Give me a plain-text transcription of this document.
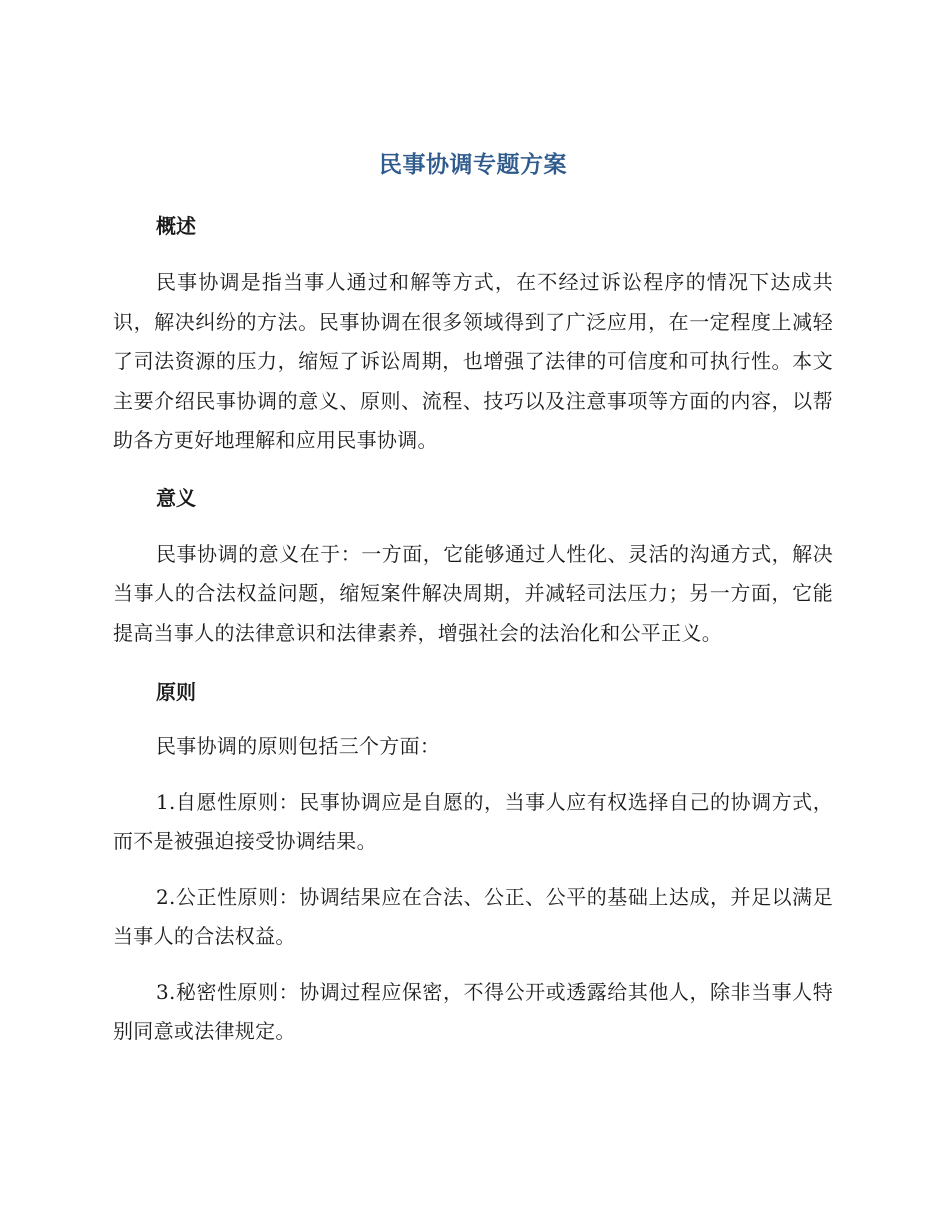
民事协调专题方案
概述

民事协调是指当事人通过和解等方式，在不经过诉讼程序的情况下达成共识，解决纠纷的方法。民事协调在很多领域得到了广泛应用，在一定程度上减轻了司法资源的压力，缩短了诉讼周期，也增强了法律的可信度和可执行性。本文主要介绍民事协调的意义、原则、流程、技巧以及注意事项等方面的内容，以帮助各方更好地理解和应用民事协调。

意义

民事协调的意义在于：一方面，它能够通过人性化、灵活的沟通方式，解决当事人的合法权益问题，缩短案件解决周期，并减轻司法压力；另一方面，它能提高当事人的法律意识和法律素养，增强社会的法治化和公平正义。

原则

民事协调的原则包括三个方面：

1.自愿性原则：民事协调应是自愿的，当事人应有权选择自己的协调方式，而不是被强迫接受协调结果。

2.公正性原则：协调结果应在合法、公正、公平的基础上达成，并足以满足当事人的合法权益。

3.秘密性原则：协调过程应保密，不得公开或透露给其他人，除非当事人特别同意或法律规定。
